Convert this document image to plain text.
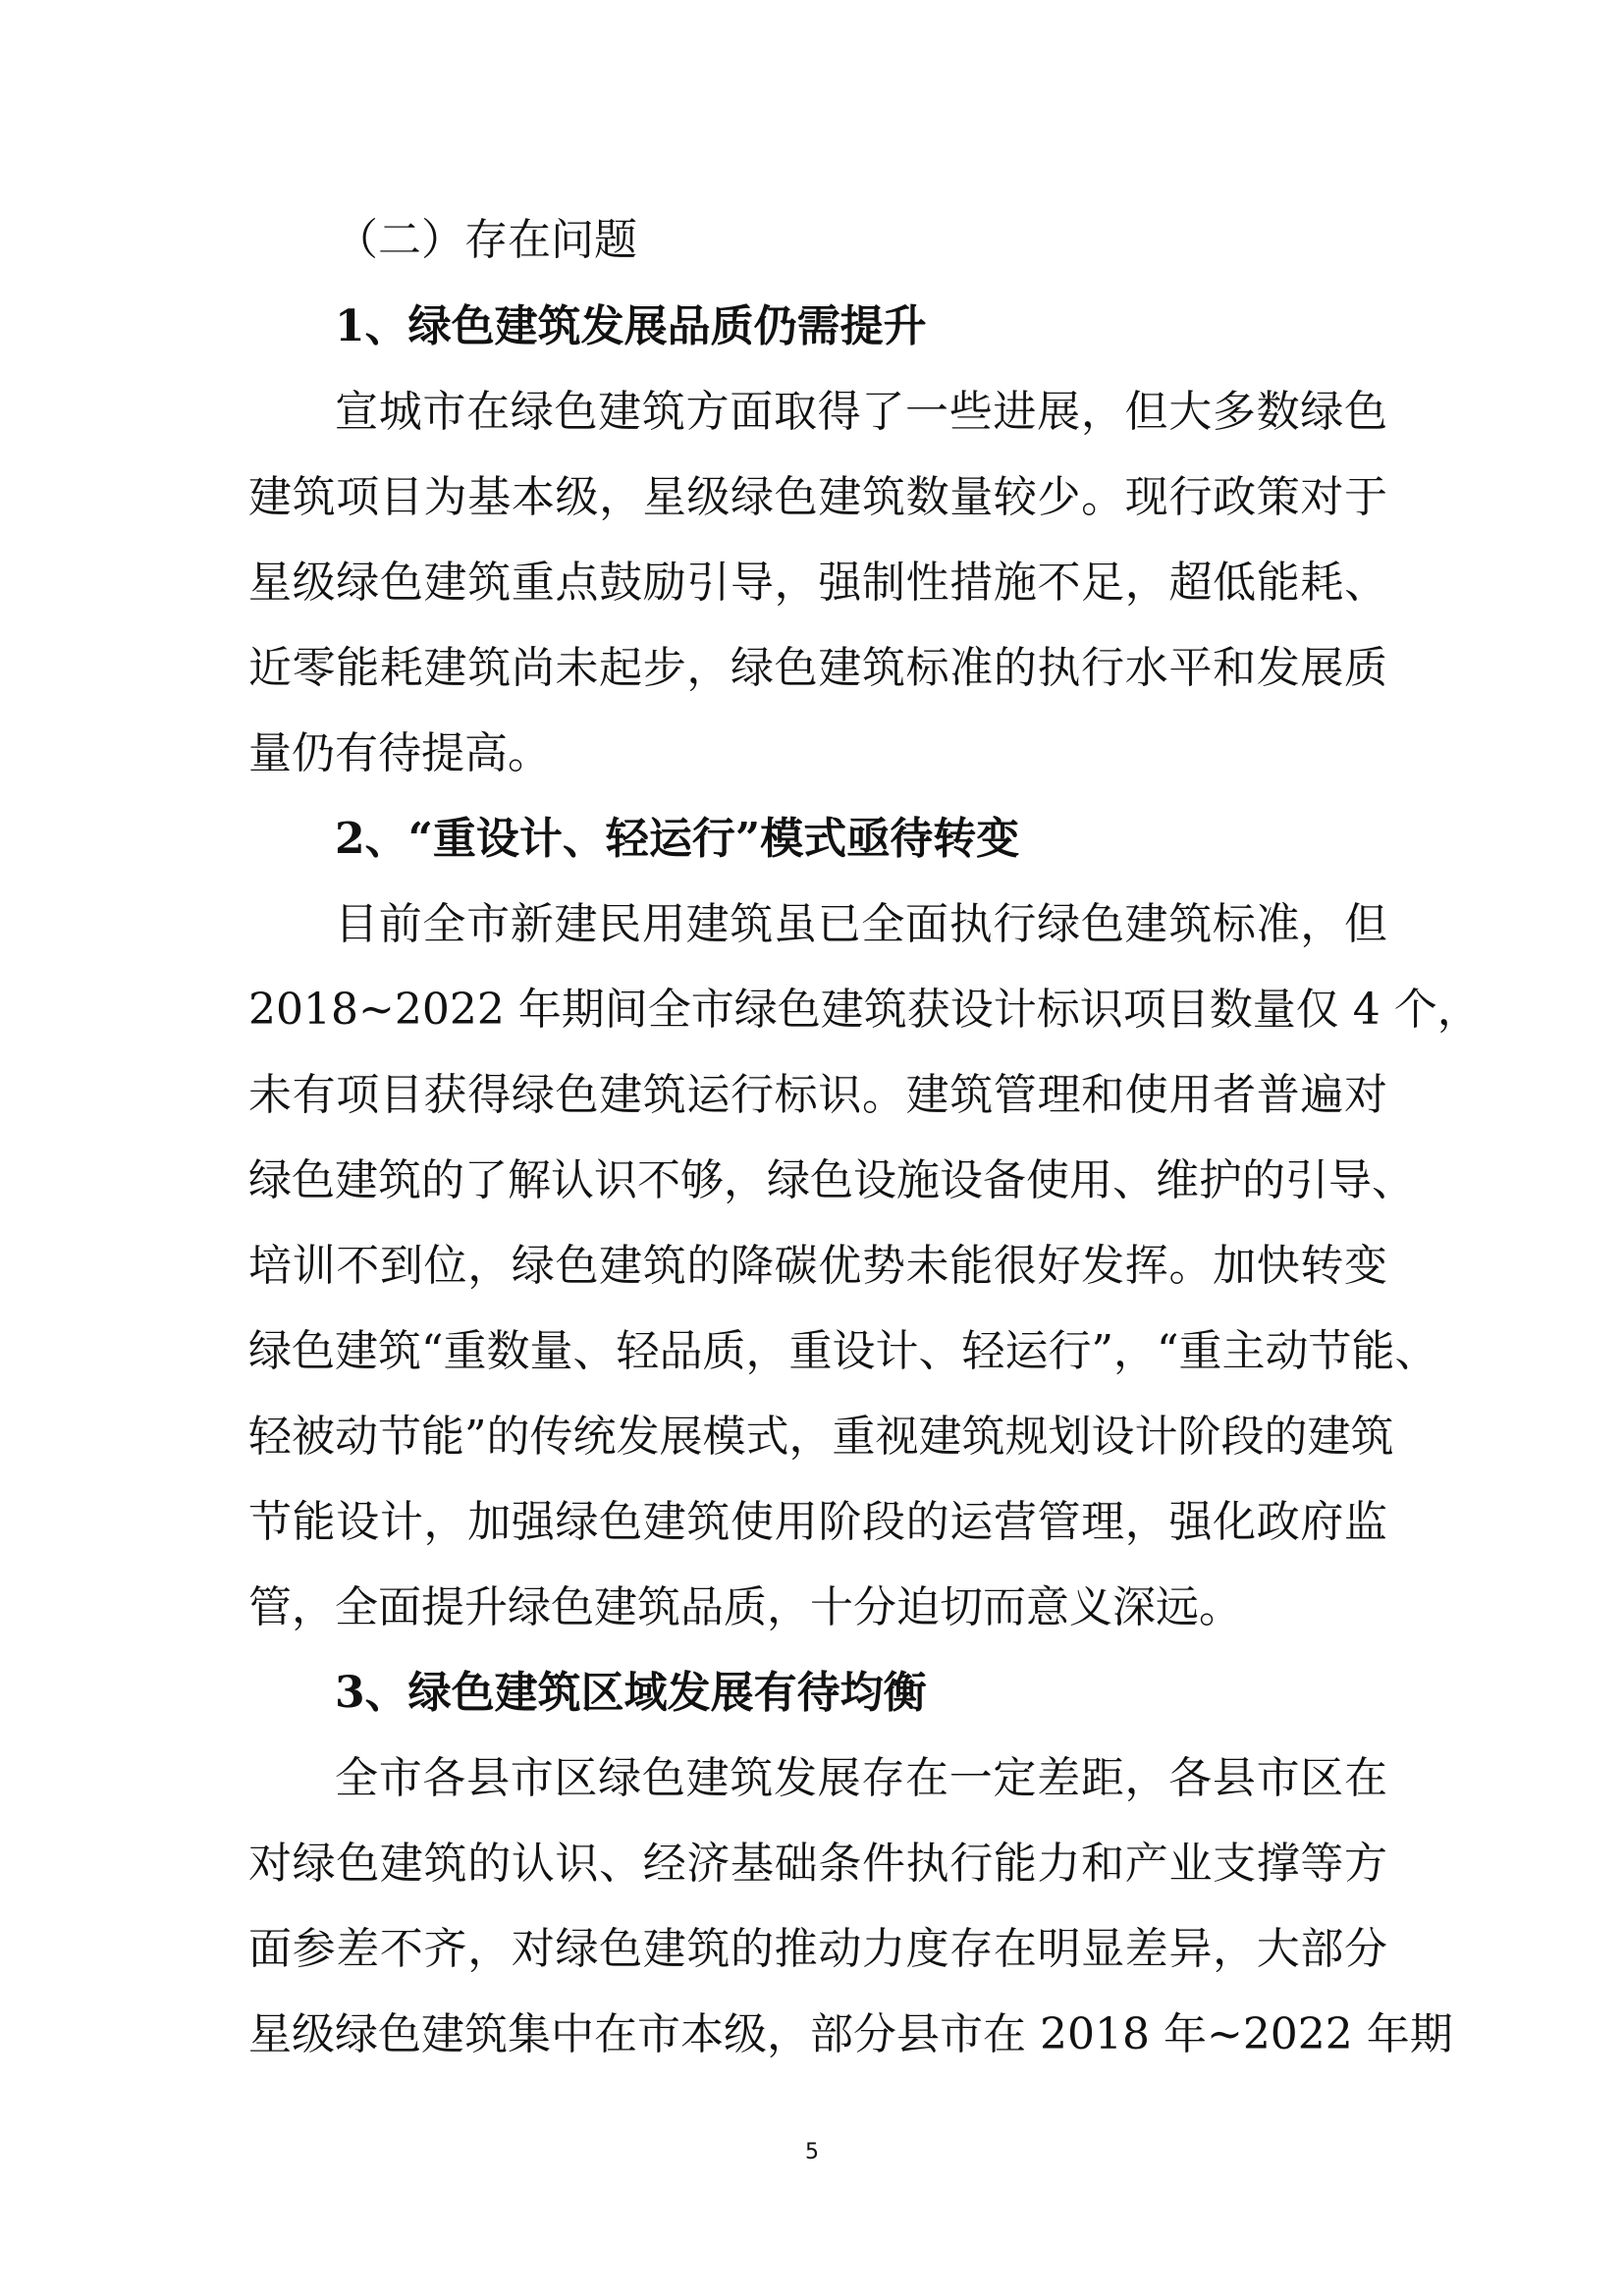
（二）存在问题
1、绿色建筑发展品质仍需提升
宣城市在绿色建筑方面取得了一些进展，但大多数绿色
建筑项目为基本级，星级绿色建筑数量较少。现行政策对于
星级绿色建筑重点鼓励引导，强制性措施不足，超低能耗、
近零能耗建筑尚未起步，绿色建筑标准的执行水平和发展质
量仍有待提高。
2、“重设计、轻运行”模式亟待转变
目前全市新建民用建筑虽已全面执行绿色建筑标准，但
2018~2022 年期间全市绿色建筑获设计标识项目数量仅 4 个，
未有项目获得绿色建筑运行标识。建筑管理和使用者普遍对
绿色建筑的了解认识不够，绿色设施设备使用、维护的引导、
培训不到位，绿色建筑的降碳优势未能很好发挥。加快转变
绿色建筑“重数量、轻品质，重设计、轻运行”，“重主动节能、
轻被动节能”的传统发展模式，重视建筑规划设计阶段的建筑
节能设计，加强绿色建筑使用阶段的运营管理，强化政府监
管，全面提升绿色建筑品质，十分迫切而意义深远。
3、绿色建筑区域发展有待均衡
全市各县市区绿色建筑发展存在一定差距，各县市区在
对绿色建筑的认识、经济基础条件执行能力和产业支撑等方
面参差不齐，对绿色建筑的推动力度存在明显差异，大部分
星级绿色建筑集中在市本级，部分县市在 2018 年~2022 年期
5
